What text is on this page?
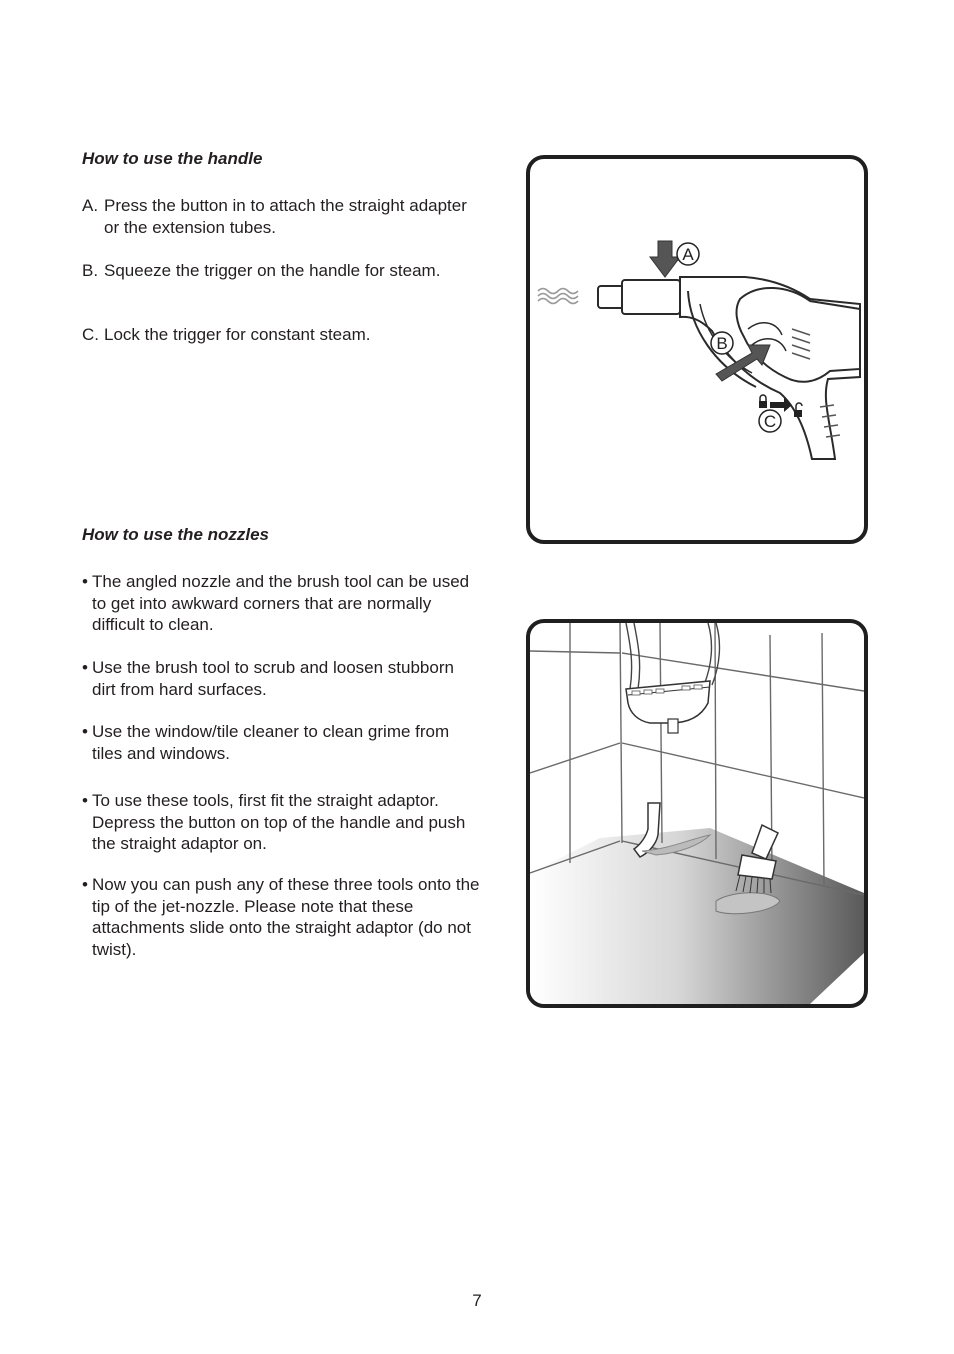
How to use the handle

A. Press the button in to attach the straight adapter or the extension tubes.

B. Squeeze the trigger on the handle for steam.

C. Lock the trigger for constant steam.

A
B
C
How to use the nozzles

• The angled nozzle and the brush tool can be used to get into awkward corners that are normally difficult to clean.

• Use the brush tool to scrub and loosen stubborn dirt from hard surfaces.

• Use the window/tile cleaner to clean grime from tiles and windows.

• To use these tools, first fit the straight adaptor. Depress the button on top of the handle and push the straight adaptor on.

• Now you can push any of these three tools onto the tip of the jet-nozzle. Please note that these attachments slide onto the straight adaptor (do not twist).

7
